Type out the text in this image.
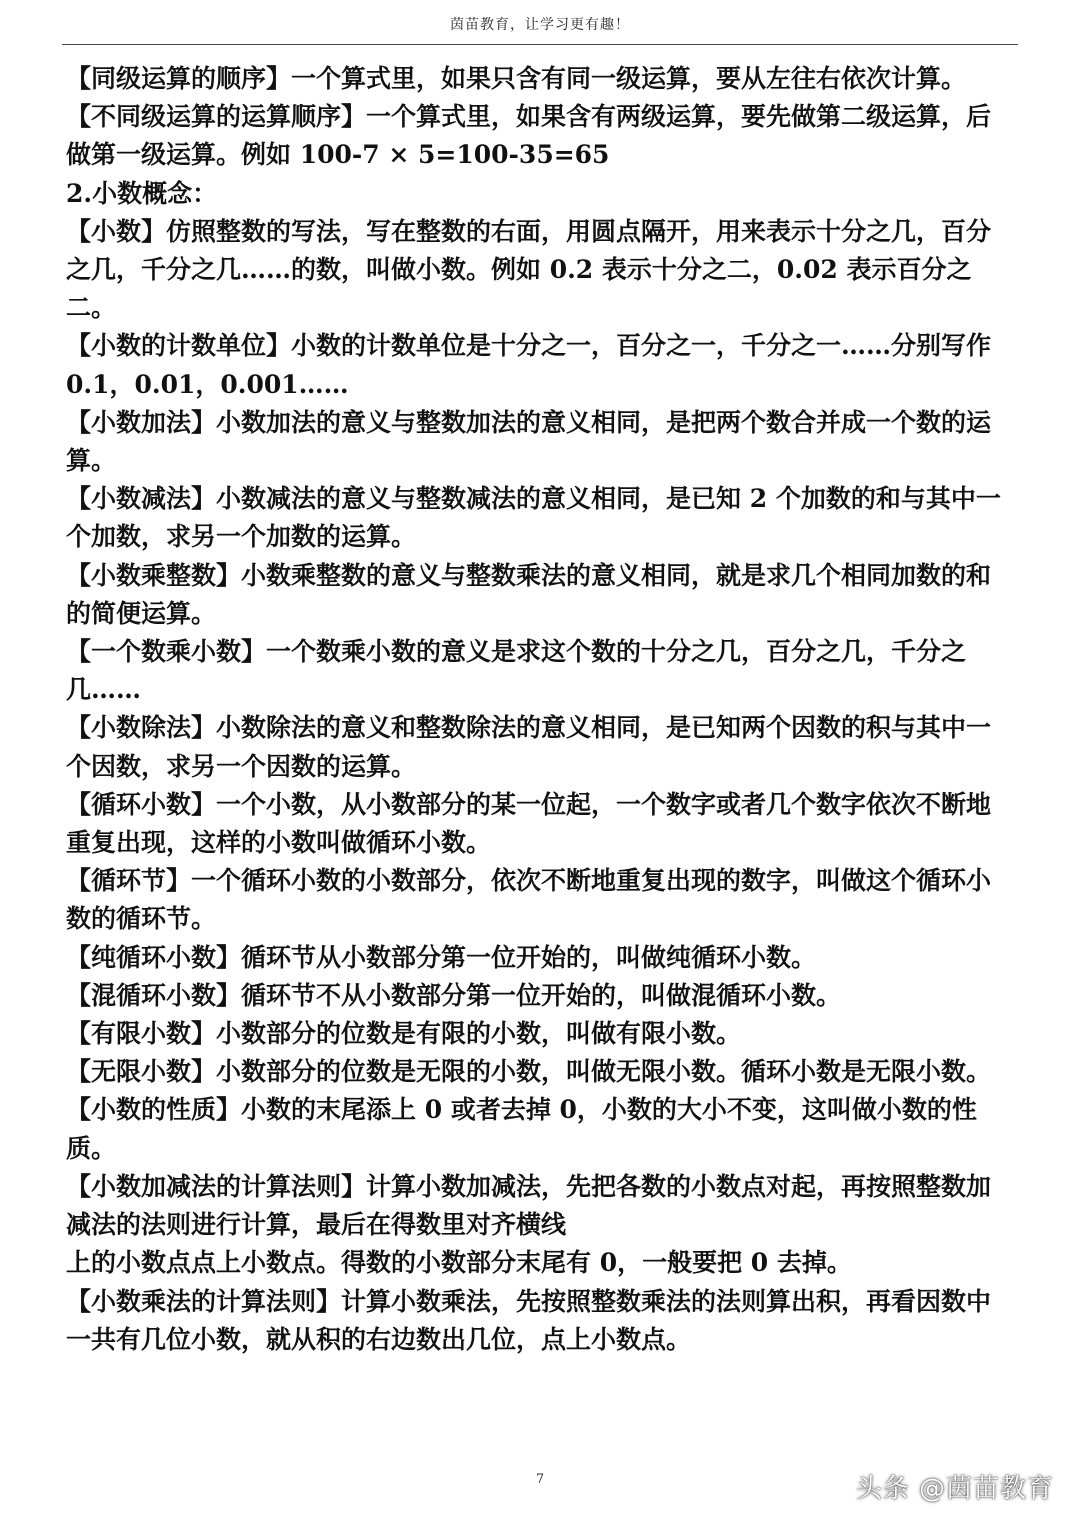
茵苗教育，让学习更有趣！

【同级运算的顺序】一个算式里，如果只含有同一级运算，要从左往右依次计算。

【不同级运算的运算顺序】一个算式里，如果含有两级运算，要先做第二级运算，后做第一级运算。例如 100-7 × 5=100-35=65

2.小数概念：

【小数】仿照整数的写法，写在整数的右面，用圆点隔开，用来表示十分之几，百分之几，千分之几……的数，叫做小数。例如 0.2 表示十分之二，0.02 表示百分之二。

【小数的计数单位】小数的计数单位是十分之一，百分之一，千分之一……分别写作 0.1，0.01，0.001……

【小数加法】小数加法的意义与整数加法的意义相同，是把两个数合并成一个数的运算。

【小数减法】小数减法的意义与整数减法的意义相同，是已知 2 个加数的和与其中一个加数，求另一个加数的运算。

【小数乘整数】小数乘整数的意义与整数乘法的意义相同，就是求几个相同加数的和的简便运算。

【一个数乘小数】一个数乘小数的意义是求这个数的十分之几，百分之几，千分之几……

【小数除法】小数除法的意义和整数除法的意义相同，是已知两个因数的积与其中一个因数，求另一个因数的运算。

【循环小数】一个小数，从小数部分的某一位起，一个数字或者几个数字依次不断地重复出现，这样的小数叫做循环小数。

【循环节】一个循环小数的小数部分，依次不断地重复出现的数字，叫做这个循环小数的循环节。

【纯循环小数】循环节从小数部分第一位开始的，叫做纯循环小数。

【混循环小数】循环节不从小数部分第一位开始的，叫做混循环小数。

【有限小数】小数部分的位数是有限的小数，叫做有限小数。

【无限小数】小数部分的位数是无限的小数，叫做无限小数。循环小数是无限小数。

【小数的性质】小数的末尾添上 0 或者去掉 0，小数的大小不变，这叫做小数的性质。

【小数加减法的计算法则】计算小数加减法，先把各数的小数点对起，再按照整数加减法的法则进行计算，最后在得数里对齐横线

上的小数点点上小数点。得数的小数部分末尾有 0，一般要把 0 去掉。

【小数乘法的计算法则】计算小数乘法，先按照整数乘法的法则算出积，再看因数中一共有几位小数，就从积的右边数出几位，点上小数点。

7	头条 @茵苗教育
